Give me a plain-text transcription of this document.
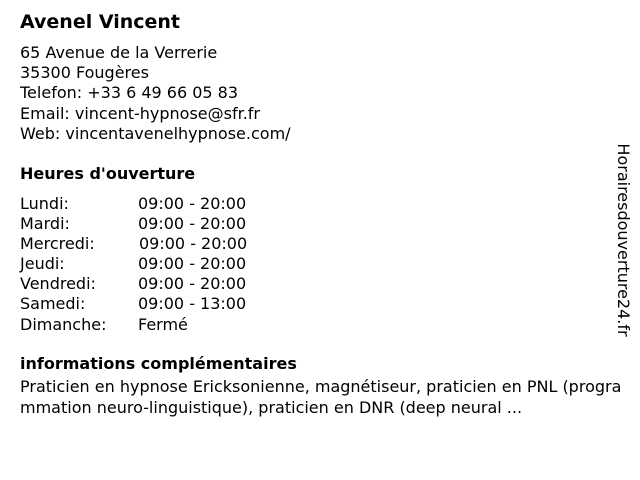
Avenel Vincent
65 Avenue de la Verrerie
35300 Fougères
Telefon: +33 6 49 66 05 83
Email: vincent-hypnose@sfr.fr
Web: vincentavenelhypnose.com/
Heures d'ouverture
Lundi:	09:00 - 20:00
Mardi:	09:00 - 20:00
Mercredi:	09:00 - 20:00
Jeudi:	09:00 - 20:00
Vendredi:	09:00 - 20:00
Samedi:	09:00 - 13:00
Dimanche: Fermé
informations complémentaires
Praticien en hypnose Ericksonienne, magnétiseur, praticien en PNL (programmation neuro-linguistique), praticien en DNR (deep neural ...
Horairesdouverture24.fr
